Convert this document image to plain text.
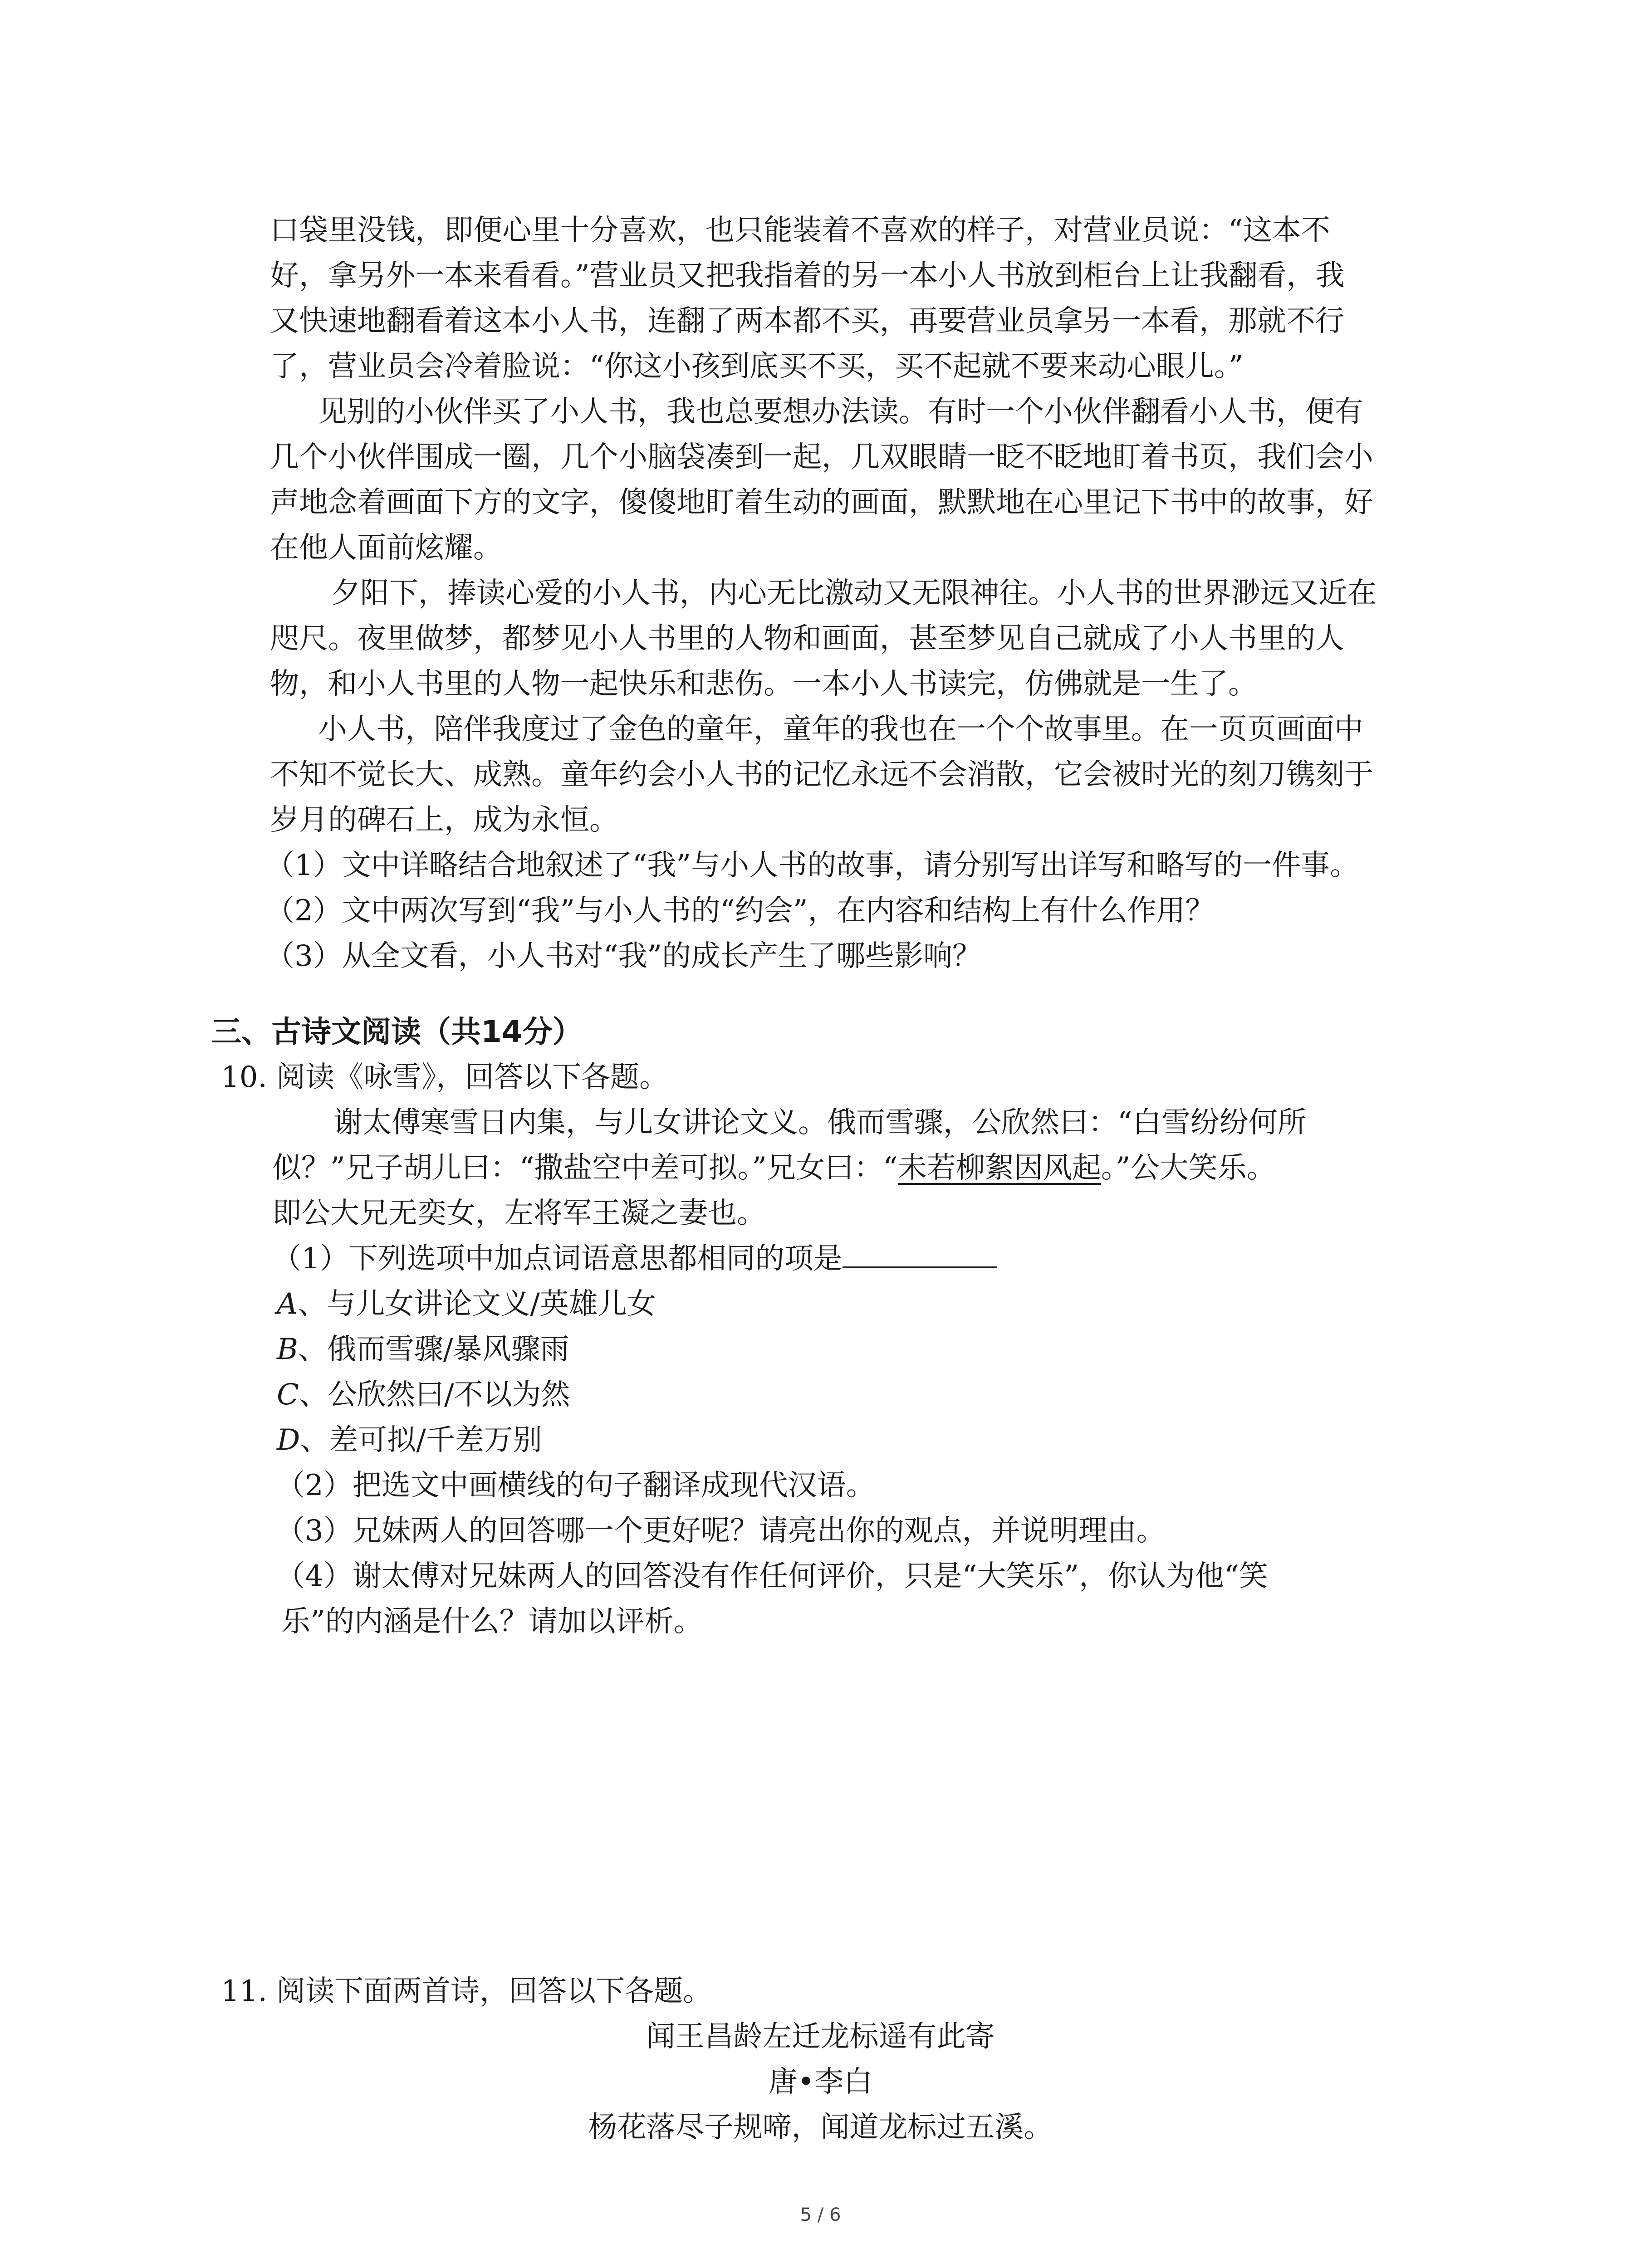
口袋里没钱，即便心里十分喜欢，也只能装着不喜欢的样子，对营业员说：“这本不
好，拿另外一本来看看。”营业员又把我指着的另一本小人书放到柜台上让我翻看，我
又快速地翻看着这本小人书，连翻了两本都不买，再要营业员拿另一本看，那就不行
了，营业员会冷着脸说：“你这小孩到底买不买，买不起就不要来动心眼儿。”

见别的小伙伴买了小人书，我也总要想办法读。有时一个小伙伴翻看小人书，便有
几个小伙伴围成一圈，几个小脑袋凑到一起，几双眼睛一眨不眨地盯着书页，我们会小
声地念着画面下方的文字，傻傻地盯着生动的画面，默默地在心里记下书中的故事，好
在他人面前炫耀。

夕阳下，捧读心爱的小人书，内心无比激动又无限神往。小人书的世界渺远又近在
咫尺。夜里做梦，都梦见小人书里的人物和画面，甚至梦见自己就成了小人书里的人
物，和小人书里的人物一起快乐和悲伤。一本小人书读完，仿佛就是一生了。

小人书，陪伴我度过了金色的童年，童年的我也在一个个故事里。在一页页画面中
不知不觉长大、成熟。童年约会小人书的记忆永远不会消散，它会被时光的刻刀镌刻于
岁月的碑石上，成为永恒。

（1）文中详略结合地叙述了“我”与小人书的故事，请分别写出详写和略写的一件事。

（2）文中两次写到“我”与小人书的“约会”，在内容和结构上有什么作用？

（3）从全文看，小人书对“我”的成长产生了哪些影响？

三、古诗文阅读（共14分）

10. 阅读《咏雪》，回答以下各题。

谢太傅寒雪日内集，与儿女讲论文义。俄而雪骤，公欣然曰：“白雪纷纷何所

似？”兄子胡儿曰：“撒盐空中差可拟。”兄女曰：“未若柳絮因风起。”公大笑乐。

即公大兄无奕女，左将军王凝之妻也。

（1）下列选项中加点词语意思都相同的项是

A、与儿女讲论文义/英雄儿女

B、俄而雪骤/暴风骤雨

C、公欣然曰/不以为然

D、差可拟/千差万别

（2）把选文中画横线的句子翻译成现代汉语。

（3）兄妹两人的回答哪一个更好呢？请亮出你的观点，并说明理由。

（4）谢太傅对兄妹两人的回答没有作任何评价，只是“大笑乐”，你认为他“笑

乐”的内涵是什么？请加以评析。

11. 阅读下面两首诗，回答以下各题。

闻王昌龄左迁龙标遥有此寄

唐•李白

杨花落尽子规啼，闻道龙标过五溪。

5 / 6
